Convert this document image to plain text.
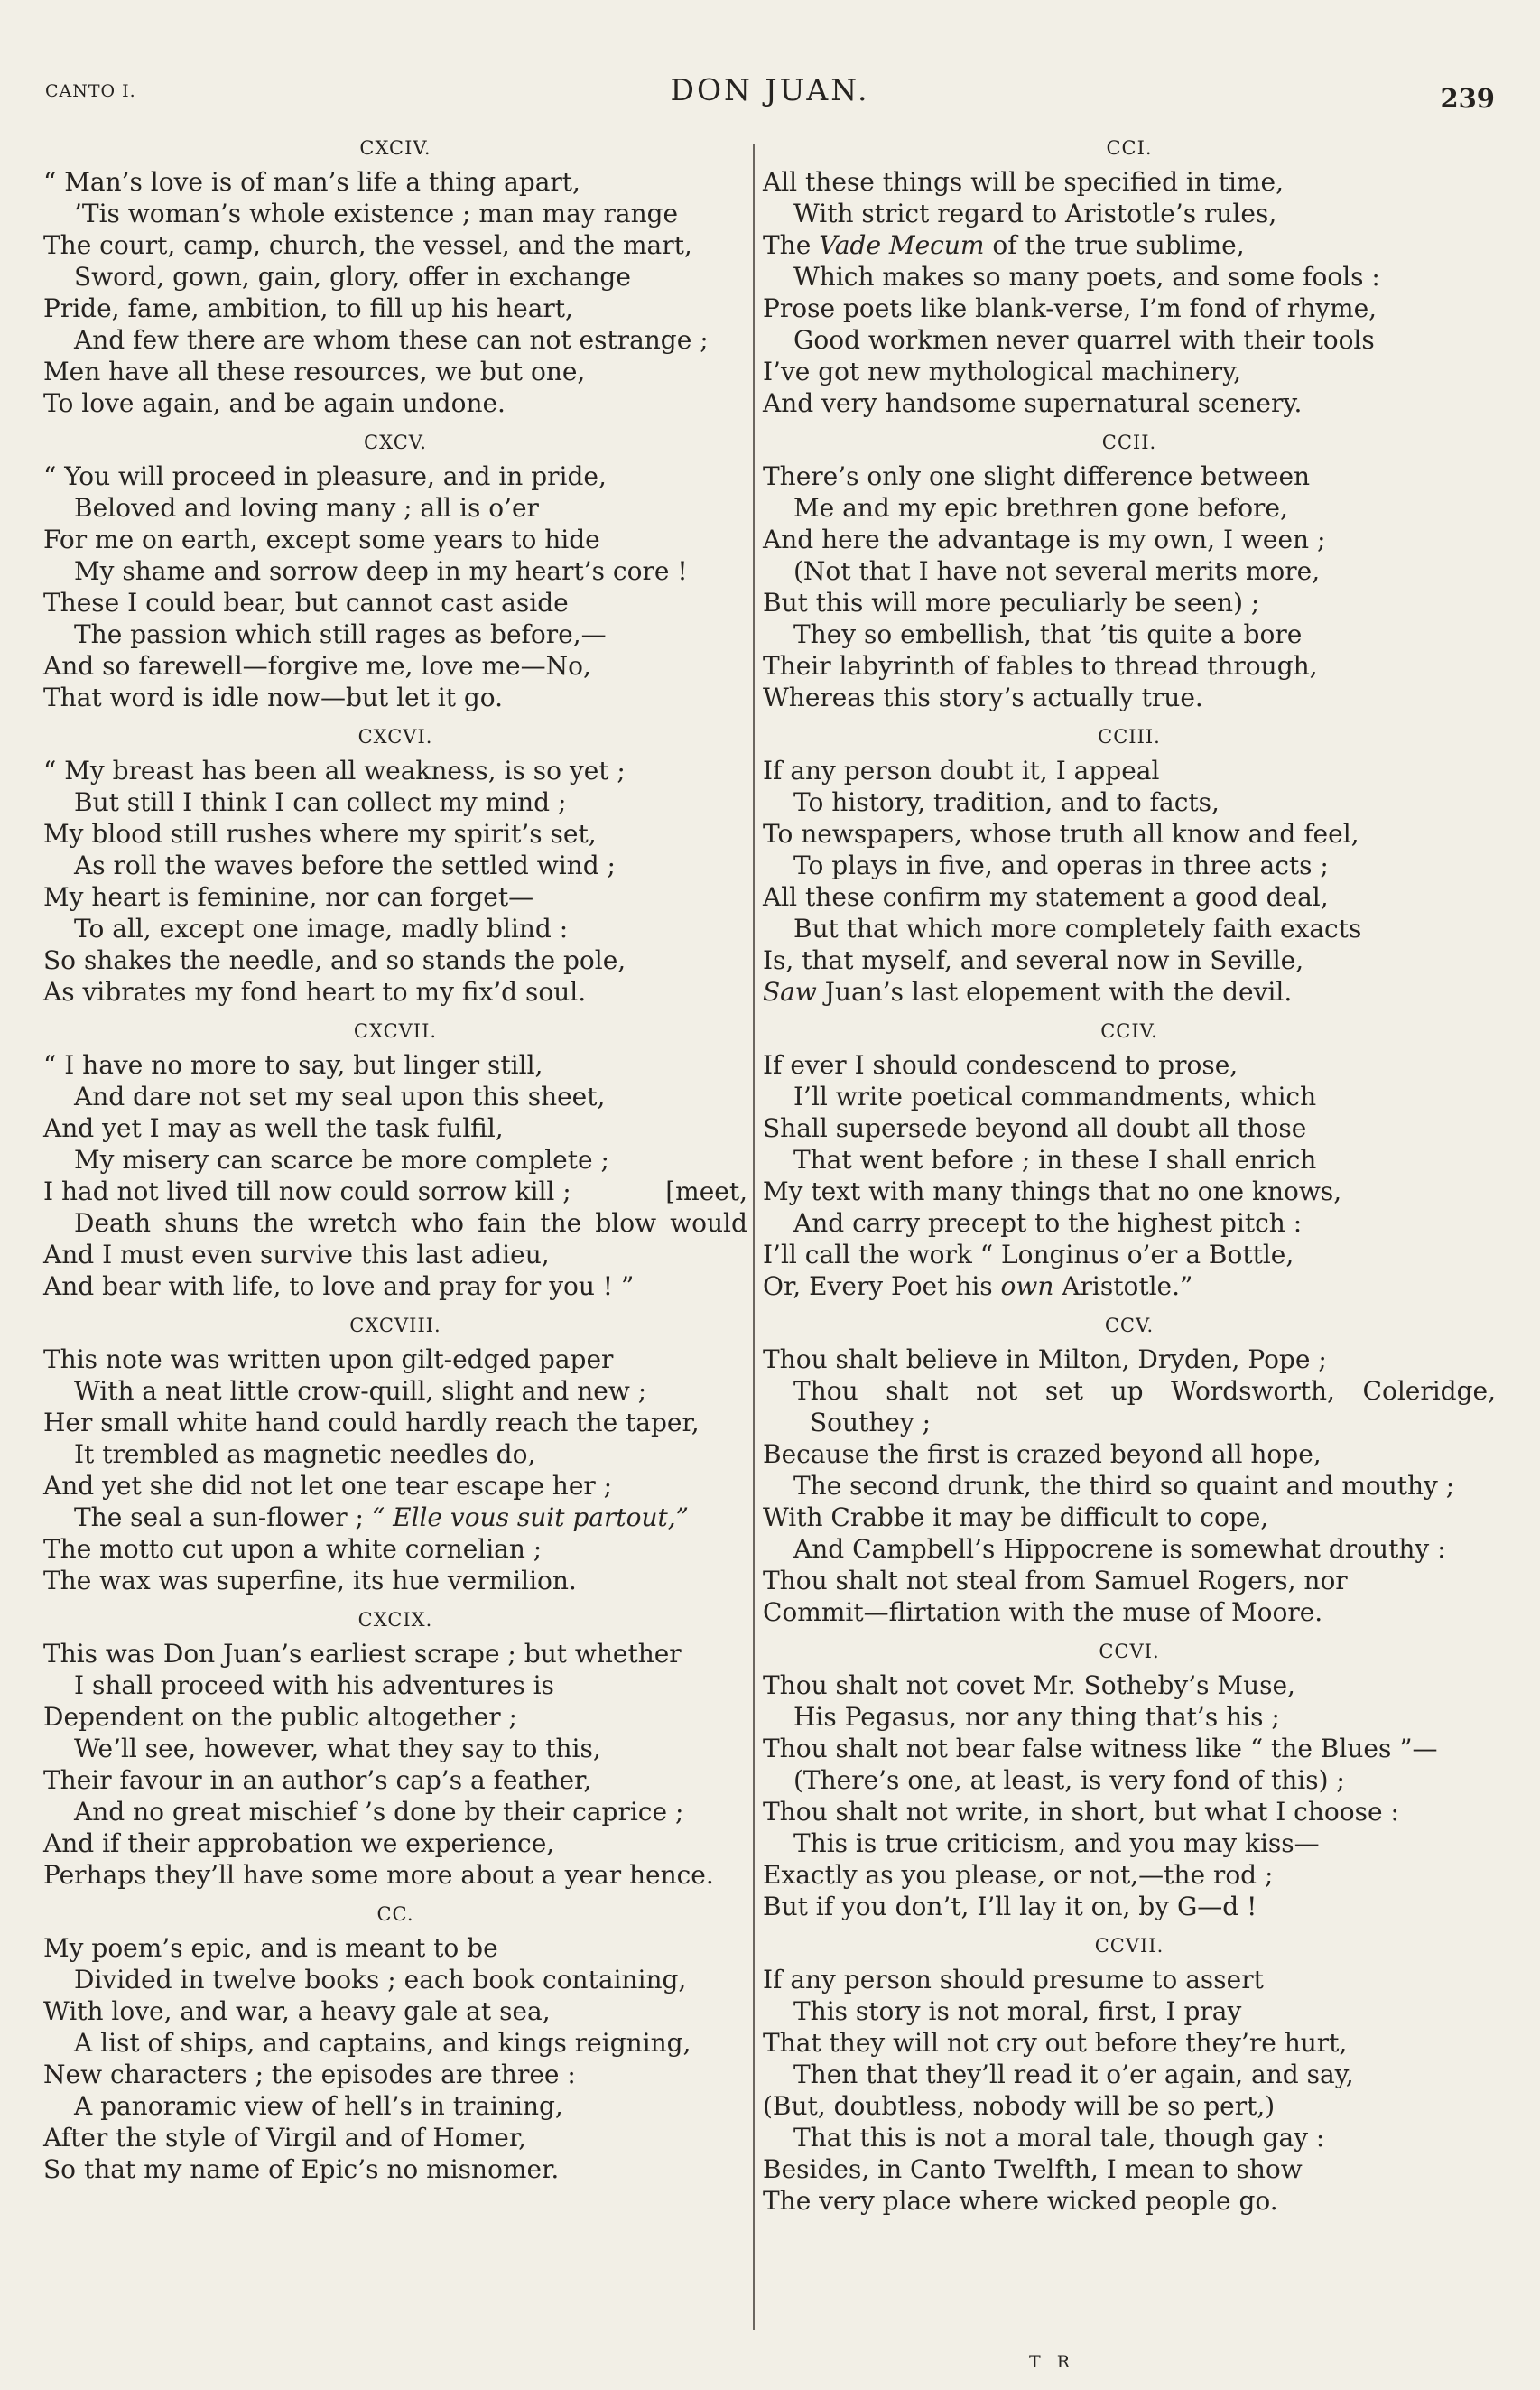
CANTO I.	DON JUAN.	239
CXCIV.
“ Man’s love is of man’s life a thing apart,
’Tis woman’s whole existence ; man may range
The court, camp, church, the vessel, and the mart,
Sword, gown, gain, glory, offer in exchange
Pride, fame, ambition, to fill up his heart,
And few there are whom these can not estrange ;
Men have all these resources, we but one,
To love again, and be again undone.
CXCV.
“ You will proceed in pleasure, and in pride,
Beloved and loving many ; all is o’er
For me on earth, except some years to hide
My shame and sorrow deep in my heart’s core !
These I could bear, but cannot cast aside
The passion which still rages as before,—
And so farewell—forgive me, love me—No,
That word is idle now—but let it go.
CXCVI.
“ My breast has been all weakness, is so yet ;
But still I think I can collect my mind ;
My blood still rushes where my spirit’s set,
As roll the waves before the settled wind ;
My heart is feminine, nor can forget—
To all, except one image, madly blind :
So shakes the needle, and so stands the pole,
As vibrates my fond heart to my fix’d soul.
CXCVII.
“ I have no more to say, but linger still,
And dare not set my seal upon this sheet,
And yet I may as well the task fulfil,
My misery can scarce be more complete ;
I had not lived till now could sorrow kill ;	[meet,
Death shuns the wretch who fain the blow would
And I must even survive this last adieu,
And bear with life, to love and pray for you ! ”
CXCVIII.
This note was written upon gilt-edged paper
With a neat little crow-quill, slight and new ;
Her small white hand could hardly reach the taper,
It trembled as magnetic needles do,
And yet she did not let one tear escape her ;
The seal a sun-flower ; “ Elle vous suit partout,”
The motto cut upon a white cornelian ;
The wax was superfine, its hue vermilion.
CXCIX.
This was Don Juan’s earliest scrape ; but whether
I shall proceed with his adventures is
Dependent on the public altogether ;
We’ll see, however, what they say to this,
Their favour in an author’s cap’s a feather,
And no great mischief ’s done by their caprice ;
And if their approbation we experience,
Perhaps they’ll have some more about a year hence.
CC.
My poem’s epic, and is meant to be
Divided in twelve books ; each book containing,
With love, and war, a heavy gale at sea,
A list of ships, and captains, and kings reigning,
New characters ; the episodes are three :
A panoramic view of hell’s in training,
After the style of Virgil and of Homer,
So that my name of Epic’s no misnomer.
CCI.
All these things will be specified in time,
With strict regard to Aristotle’s rules,
The Vade Mecum of the true sublime,
Which makes so many poets, and some fools :
Prose poets like blank-verse, I’m fond of rhyme,
Good workmen never quarrel with their tools
I’ve got new mythological machinery,
And very handsome supernatural scenery.
CCII.
There’s only one slight difference between
Me and my epic brethren gone before,
And here the advantage is my own, I ween ;
(Not that I have not several merits more,
But this will more peculiarly be seen) ;
They so embellish, that ’tis quite a bore
Their labyrinth of fables to thread through,
Whereas this story’s actually true.
CCIII.
If any person doubt it, I appeal
To history, tradition, and to facts,
To newspapers, whose truth all know and feel,
To plays in five, and operas in three acts ;
All these confirm my statement a good deal,
But that which more completely faith exacts
Is, that myself, and several now in Seville,
Saw Juan’s last elopement with the devil.
CCIV.
If ever I should condescend to prose,
I’ll write poetical commandments, which
Shall supersede beyond all doubt all those
That went before ; in these I shall enrich
My text with many things that no one knows,
And carry precept to the highest pitch :
I’ll call the work “ Longinus o’er a Bottle,
Or, Every Poet his own Aristotle.”
CCV.
Thou shalt believe in Milton, Dryden, Pope ;
Thou shalt not set up Wordsworth, Coleridge,
Southey ;
Because the first is crazed beyond all hope,
The second drunk, the third so quaint and mouthy ;
With Crabbe it may be difficult to cope,
And Campbell’s Hippocrene is somewhat drouthy :
Thou shalt not steal from Samuel Rogers, nor
Commit—flirtation with the muse of Moore.
CCVI.
Thou shalt not covet Mr. Sotheby’s Muse,
His Pegasus, nor any thing that’s his ;
Thou shalt not bear false witness like “ the Blues ”—
(There’s one, at least, is very fond of this) ;
Thou shalt not write, in short, but what I choose :
This is true criticism, and you may kiss—
Exactly as you please, or not,—the rod ;
But if you don’t, I’ll lay it on, by G—d !
CCVII.
If any person should presume to assert
This story is not moral, first, I pray
That they will not cry out before they’re hurt,
Then that they’ll read it o’er again, and say,
(But, doubtless, nobody will be so pert,)
That this is not a moral tale, though gay :
Besides, in Canto Twelfth, I mean to show
The very place where wicked people go.
T R
